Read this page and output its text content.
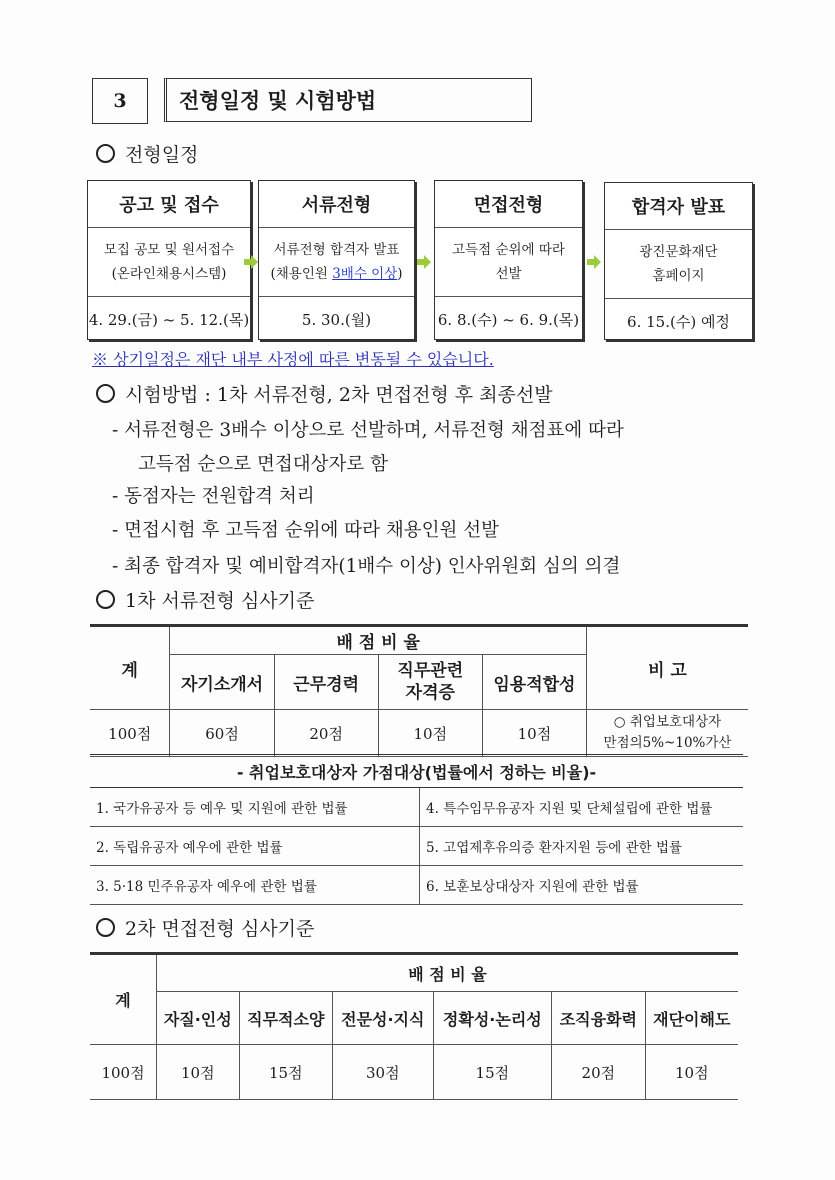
3	전형일정 및 시험방법
전형일정
공고 및 접수
모집 공모 및 원서접수
(온라인채용시스템)
4. 29.(금) ~ 5. 12.(목)
서류전형
서류전형 합격자 발표
(채용인원 3배수 이상)
5. 30.(월)
면접전형
고득점 순위에 따라
선발
6. 8.(수) ~ 6. 9.(목)
합격자 발표
광진문화재단
홈페이지
6. 15.(수) 예정
※ 상기일정은 재단 내부 사정에 따른 변동될 수 있습니다.
시험방법 : 1차 서류전형, 2차 면접전형 후 최종선발
- 서류전형은 3배수 이상으로 선발하며, 서류전형 채점표에 따라
고득점 순으로 면접대상자로 함
- 동점자는 전원합격 처리
- 면접시험 후 고득점 순위에 따라 채용인원 선발
- 최종 합격자 및 예비합격자(1배수 이상) 인사위원회 심의 의결
1차 서류전형 심사기준
계	배 점 비 율				비 고
	자기소개서	근무경력	직무관련
자격증	임용적합성	
100점	60점	20점	10점	10점	○ 취업보호대상자
만점의5%~10%가산
- 취업보호대상자 가점대상(법률에서 정하는 비율)-	
1. 국가유공자 등 예우 및 지원에 관한 법률	4. 특수임무유공자 지원 및 단체설립에 관한 법률
2. 독립유공자 예우에 관한 법률	5. 고엽제후유의증 환자지원 등에 관한 법률
3. 5·18 민주유공자 예우에 관한 법률	6. 보훈보상대상자 지원에 관한 법률
2차 면접전형 심사기준
계	배 점 비 율					
	자질·인성	직무적소양	전문성·지식	정확성·논리성	조직융화력	재단이해도
100점	10점	15점	30점	15점	20점	10점
